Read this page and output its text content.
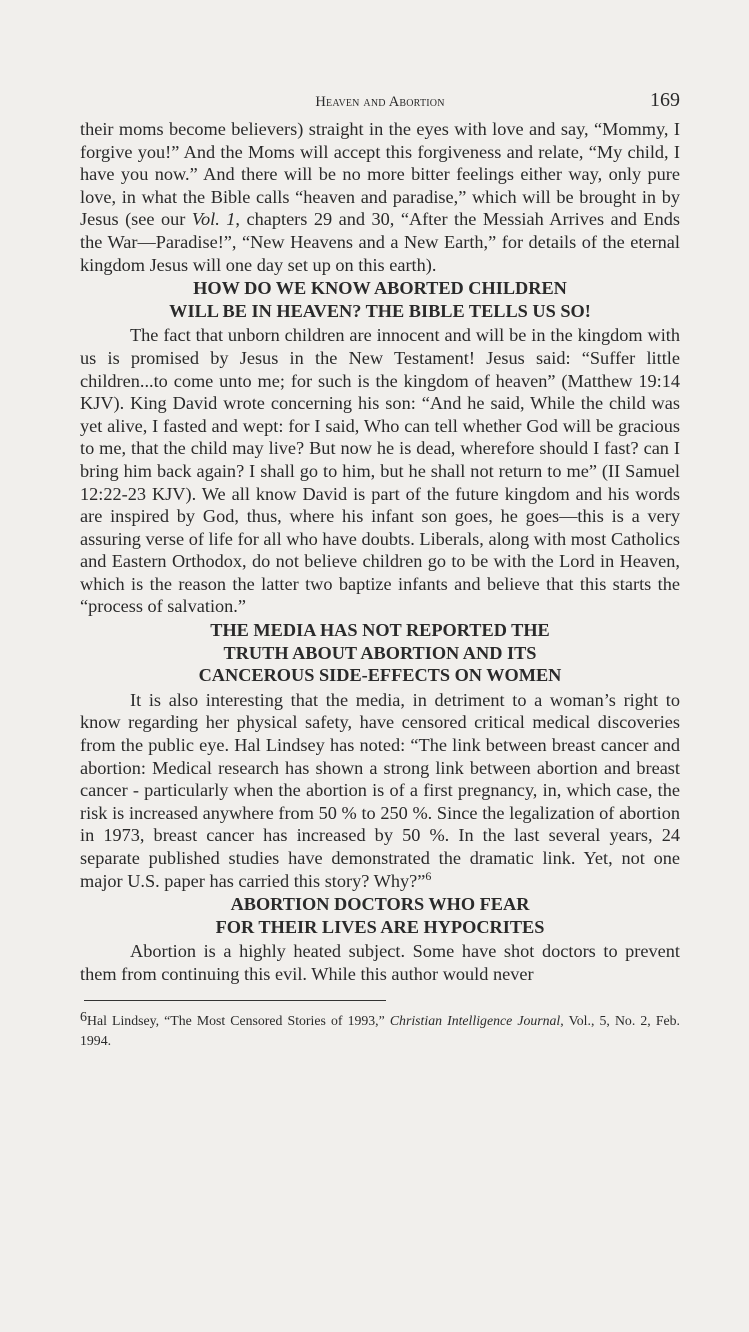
Heaven and Abortion	169

their moms become believers) straight in the eyes with love and say, “Mommy, I forgive you!” And the Moms will accept this forgiveness and relate, “My child, I have you now.” And there will be no more bitter feelings either way, only pure love, in what the Bible calls “heaven and paradise,” which will be brought in by Jesus (see our Vol. 1, chapters 29 and 30, “After the Messiah Arrives and Ends the War—Paradise!”, “New Heavens and a New Earth,” for details of the eternal kingdom Jesus will one day set up on this earth).

HOW DO WE KNOW ABORTED CHILDREN
WILL BE IN HEAVEN? THE BIBLE TELLS US SO!

The fact that unborn children are innocent and will be in the kingdom with us is promised by Jesus in the New Testament! Jesus said: “Suffer little children...to come unto me; for such is the kingdom of heaven” (Matthew 19:14 KJV). King David wrote concerning his son: “And he said, While the child was yet alive, I fasted and wept: for I said, Who can tell whether God will be gracious to me, that the child may live? But now he is dead, wherefore should I fast? can I bring him back again? I shall go to him, but he shall not return to me” (II Samuel 12:22-23 KJV). We all know David is part of the future kingdom and his words are inspired by God, thus, where his infant son goes, he goes—this is a very assuring verse of life for all who have doubts. Liberals, along with most Catholics and Eastern Orthodox, do not believe children go to be with the Lord in Heaven, which is the reason the latter two baptize infants and believe that this starts the “process of salvation.”

THE MEDIA HAS NOT REPORTED THE
TRUTH ABOUT ABORTION AND ITS
CANCEROUS SIDE-EFFECTS ON WOMEN

It is also interesting that the media, in detriment to a woman’s right to know regarding her physical safety, have censored critical medical discoveries from the public eye. Hal Lindsey has noted: “The link between breast cancer and abortion: Medical research has shown a strong link between abortion and breast cancer - particularly when the abortion is of a first pregnancy, in, which case, the risk is increased anywhere from 50 % to 250 %. Since the legalization of abortion in 1973, breast cancer has increased by 50 %. In the last several years, 24 separate published studies have demonstrated the dramatic link. Yet, not one major U.S. paper has carried this story? Why?”$^6$

ABORTION DOCTORS WHO FEAR
FOR THEIR LIVES ARE HYPOCRITES

Abortion is a highly heated subject. Some have shot doctors to prevent them from continuing this evil. While this author would never

6Hal Lindsey, “The Most Censored Stories of 1993,” Christian Intelligence Journal, Vol., 5, No. 2, Feb. 1994.
